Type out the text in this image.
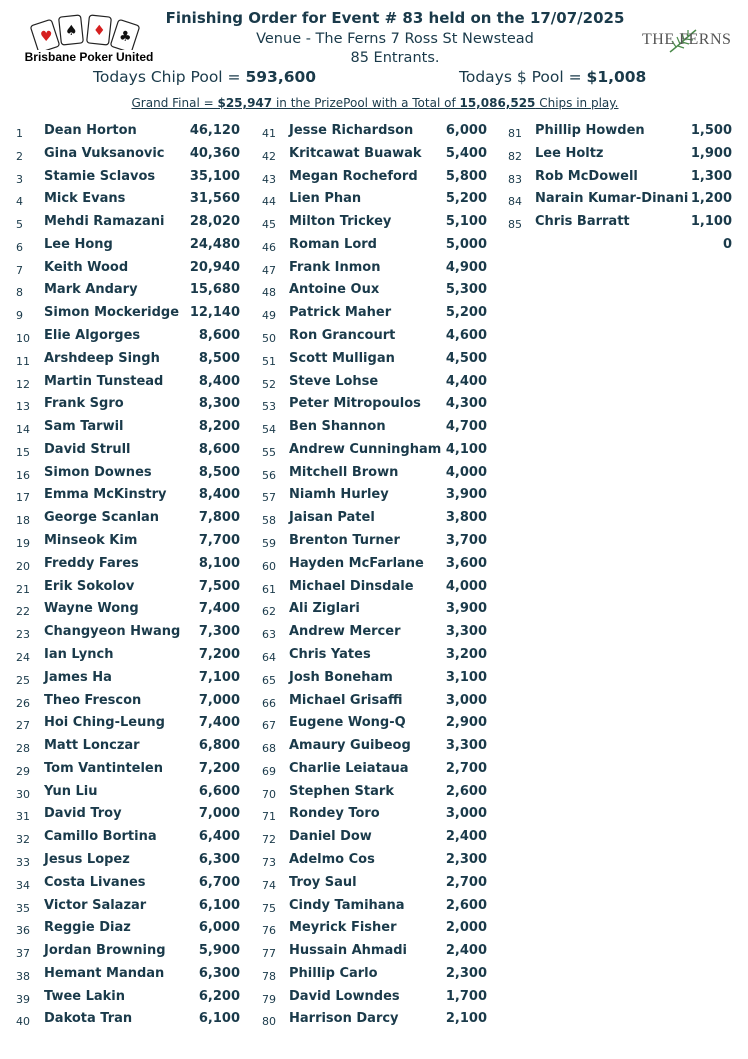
♥ ♠ ♦ ♣
Brisbane Poker United
THE FERNS
Finishing Order for Event # 83 held on the 17/07/2025
Venue - The Ferns 7 Ross St Newstead
85 Entrants.
Todays Chip Pool = 593,600	Todays $ Pool = $1,008
Grand Final = $25,947 in the PrizePool with a Total of 15,086,525 Chips in play.
1 Dean Horton	46,120
2 Gina Vuksanovic	40,360
3 Stamie Sclavos	35,100
4 Mick Evans	31,560
5 Mehdi Ramazani	28,020
6 Lee Hong	24,480
7 Keith Wood	20,940
8 Mark Andary	15,680
9 Simon Mockeridge 12,140
10 Elie Algorges	8,600
11 Arshdeep Singh	8,500
12 Martin Tunstead	8,400
13 Frank Sgro	8,300
14 Sam Tarwil	8,200
15 David Strull	8,600
16 Simon Downes	8,500
17 Emma McKinstry	8,400
18 George Scanlan	7,800
19 Minseok Kim	7,700
20 Freddy Fares	8,100
21 Erik Sokolov	7,500
22 Wayne Wong	7,400
23 Changyeon Hwang	7,300
24 Ian Lynch	7,200
25 James Ha	7,100
26 Theo Frescon	7,000
27 Hoi Ching-Leung	7,400
28 Matt Lonczar	6,800
29 Tom Vantintelen	7,200
30 Yun Liu	6,600
31 David Troy	7,000
32 Camillo Bortina	6,400
33 Jesus Lopez	6,300
34 Costa Livanes	6,700
35 Victor Salazar	6,100
36 Reggie Diaz	6,000
37 Jordan Browning	5,900
38 Hemant Mandan	6,300
39 Twee Lakin	6,200
40 Dakota Tran	6,100
41 Jesse Richardson	6,000
42 Kritcawat Buawak	5,400
43 Megan Rocheford	5,800
44 Lien Phan	5,200
45 Milton Trickey	5,100
46 Roman Lord	5,000
47 Frank Inmon	4,900
48 Antoine Oux	5,300
49 Patrick Maher	5,200
50 Ron Grancourt	4,600
51 Scott Mulligan	4,500
52 Steve Lohse	4,400
53 Peter Mitropoulos	4,300
54 Ben Shannon	4,700
55 Andrew Cunningham 4,100
56 Mitchell Brown	4,000
57 Niamh Hurley	3,900
58 Jaisan Patel	3,800
59 Brenton Turner	3,700
60 Hayden McFarlane	3,600
61 Michael Dinsdale	4,000
62 Ali Ziglari	3,900
63 Andrew Mercer	3,300
64 Chris Yates	3,200
65 Josh Boneham	3,100
66 Michael Grisaffi	3,000
67 Eugene Wong-Q	2,900
68 Amaury Guibeog	3,300
69 Charlie Leiataua	2,700
70 Stephen Stark	2,600
71 Rondey Toro	3,000
72 Daniel Dow	2,400
73 Adelmo Cos	2,300
74 Troy Saul	2,700
75 Cindy Tamihana	2,600
76 Meyrick Fisher	2,000
77 Hussain Ahmadi	2,400
78 Phillip Carlo	2,300
79 David Lowndes	1,700
80 Harrison Darcy	2,100
81 Phillip Howden	1,500
82 Lee Holtz	1,900
83 Rob McDowell	1,300
84 Narain Kumar-Dinani 1,200
85 Chris Barratt	1,100
0
